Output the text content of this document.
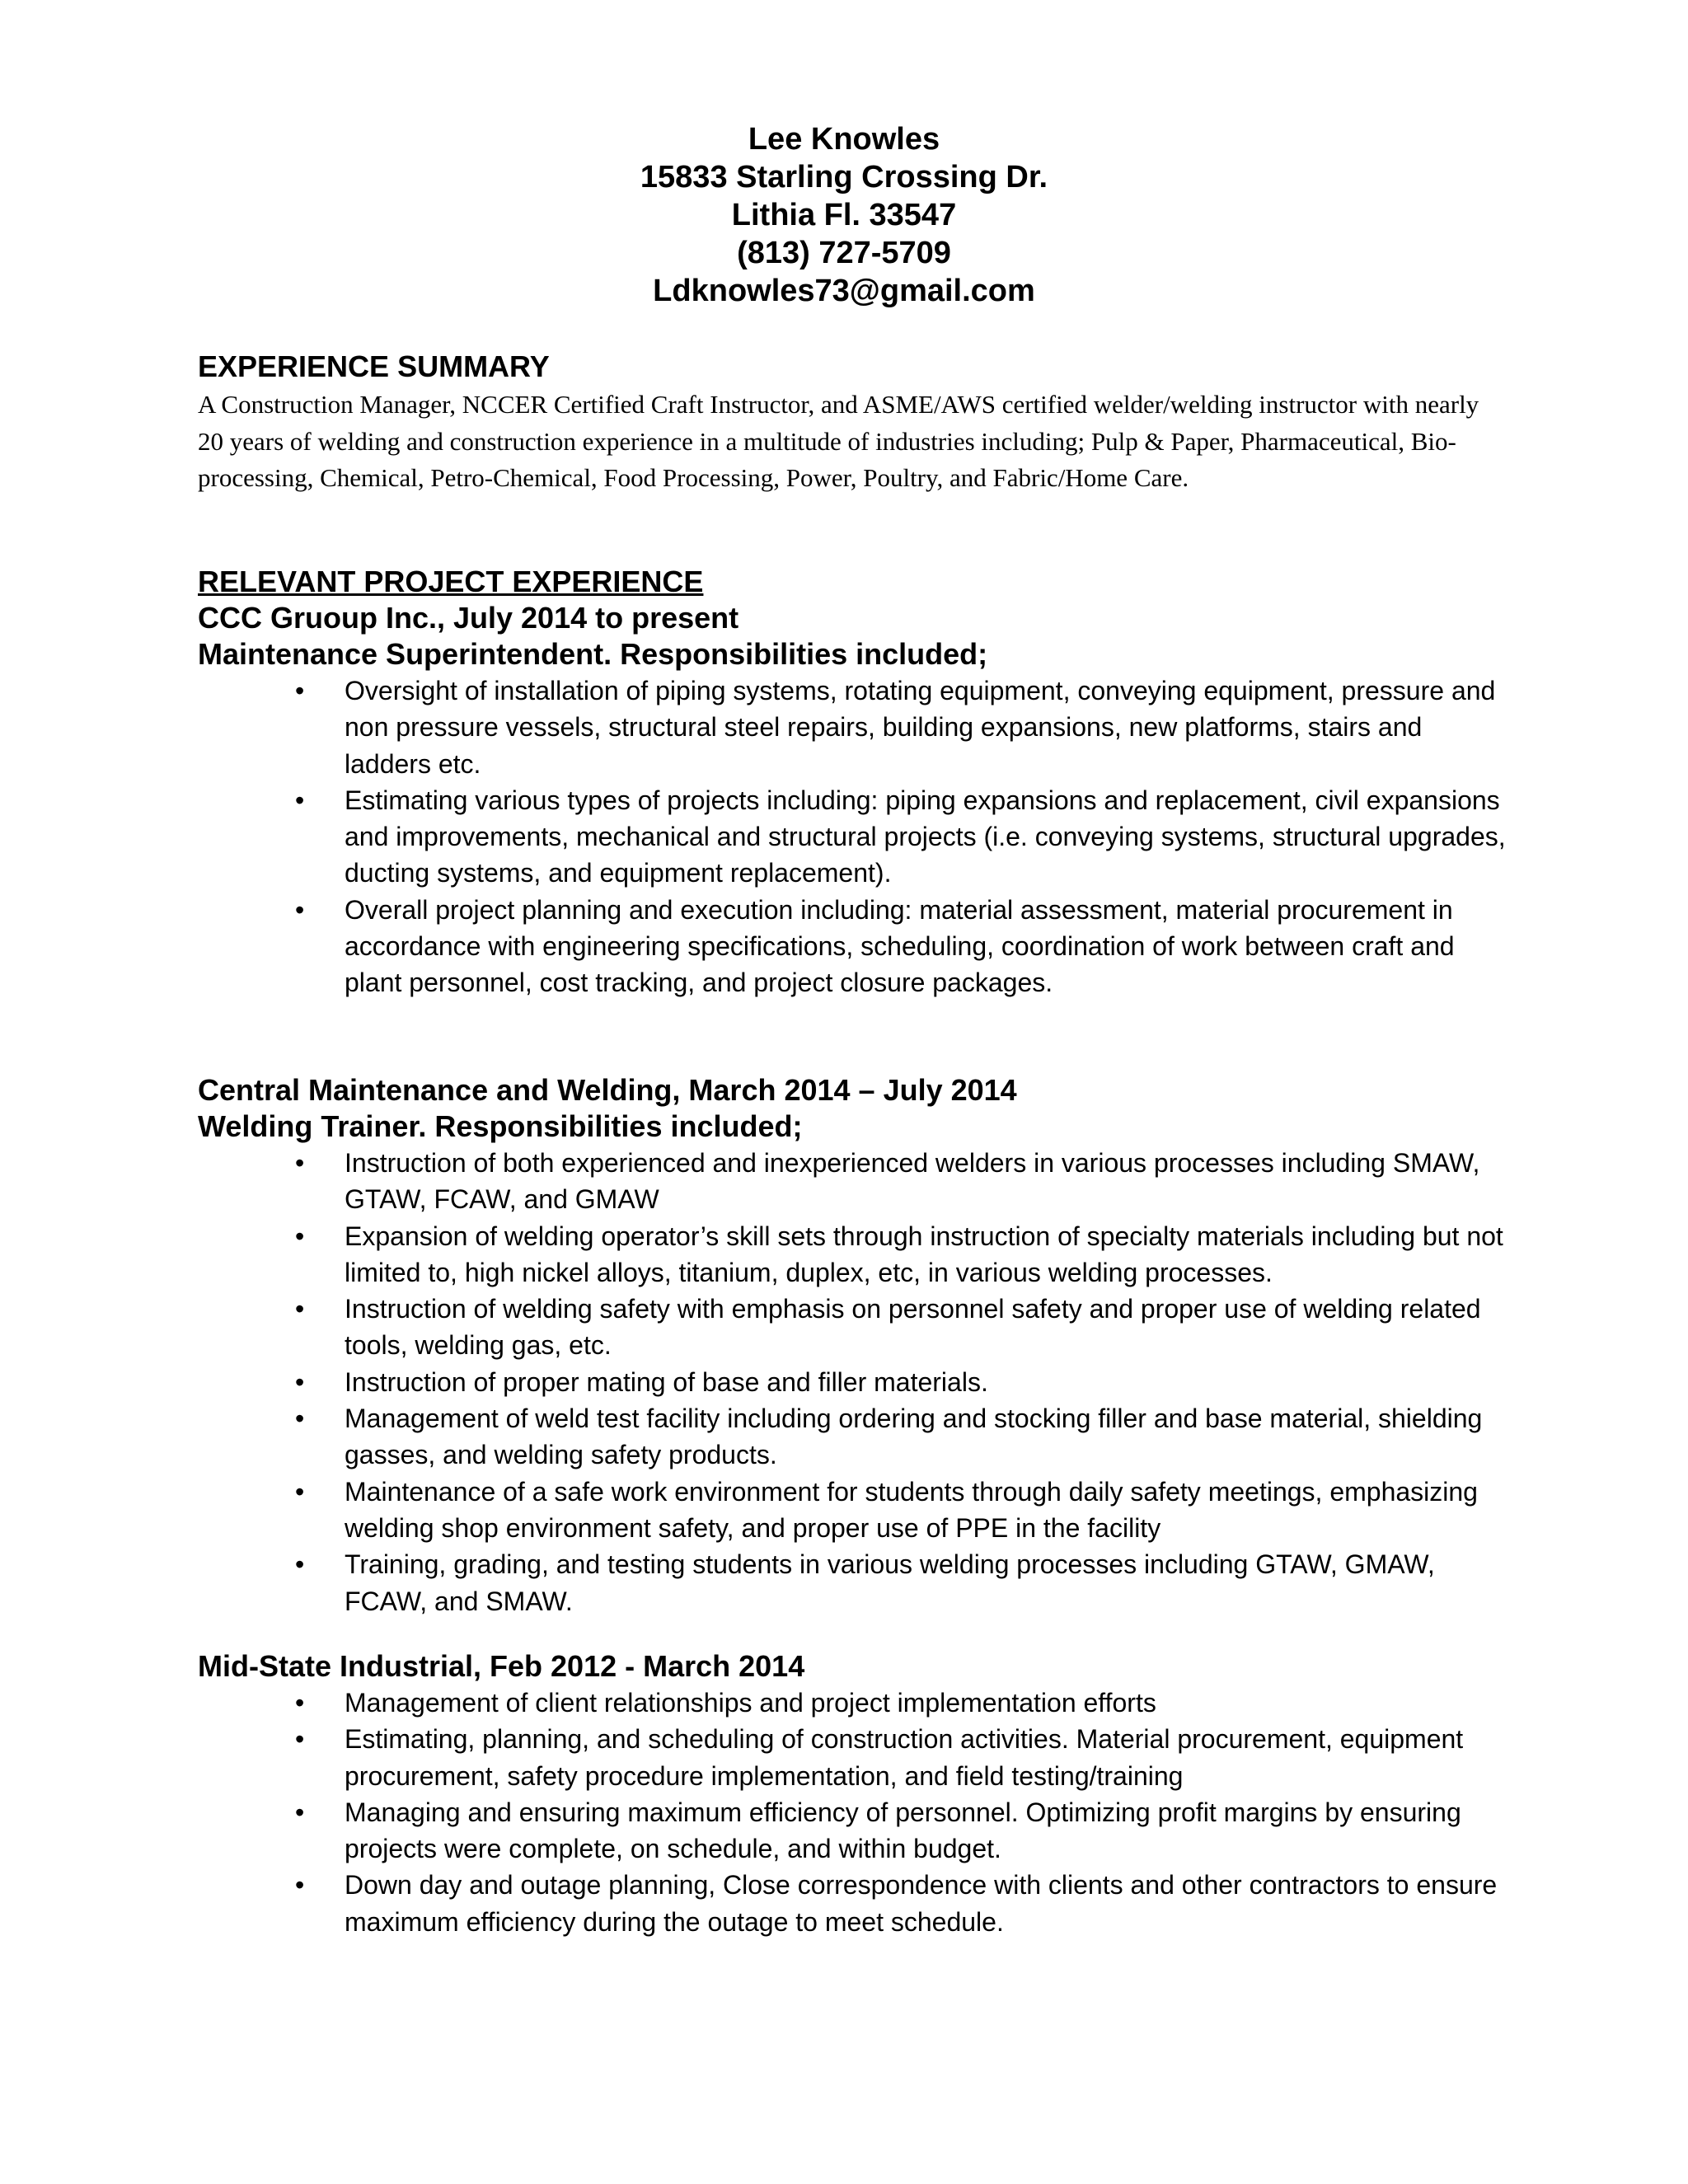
Lee Knowles
15833 Starling Crossing Dr.
Lithia Fl. 33547
(813) 727-5709
Ldknowles73@gmail.com
EXPERIENCE SUMMARY

A Construction Manager, NCCER Certified Craft Instructor, and ASME/AWS certified welder/welding instructor with nearly 20 years of welding and construction experience in a multitude of industries including; Pulp & Paper, Pharmaceutical, Bio-processing, Chemical, Petro-Chemical, Food Processing, Power, Poultry, and Fabric/Home Care.

RELEVANT PROJECT EXPERIENCE
CCC Gruoup Inc., July 2014 to present
Maintenance Superintendent. Responsibilities included;
• Oversight of installation of piping systems, rotating equipment, conveying equipment, pressure and non pressure vessels, structural steel repairs, building expansions, new platforms, stairs and ladders etc.
• Estimating various types of projects including: piping expansions and replacement, civil expansions and improvements, mechanical and structural projects (i.e. conveying systems, structural upgrades, ducting systems, and equipment replacement).
• Overall project planning and execution including: material assessment, material procurement in accordance with engineering specifications, scheduling, coordination of work between craft and plant personnel, cost tracking, and project closure packages.
Central Maintenance and Welding, March 2014 – July 2014
Welding Trainer. Responsibilities included;
• Instruction of both experienced and inexperienced welders in various processes including SMAW, GTAW, FCAW, and GMAW
• Expansion of welding operator’s skill sets through instruction of specialty materials including but not limited to, high nickel alloys, titanium, duplex, etc, in various welding processes.
• Instruction of welding safety with emphasis on personnel safety and proper use of welding related tools, welding gas, etc.
• Instruction of proper mating of base and filler materials.
• Management of weld test facility including ordering and stocking filler and base material, shielding gasses, and welding safety products.
• Maintenance of a safe work environment for students through daily safety meetings, emphasizing welding shop environment safety, and proper use of PPE in the facility
• Training, grading, and testing students in various welding processes including GTAW, GMAW, FCAW, and SMAW.
Mid-State Industrial, Feb 2012 - March 2014
• Management of client relationships and project implementation efforts
• Estimating, planning, and scheduling of construction activities. Material procurement, equipment procurement, safety procedure implementation, and field testing/training
• Managing and ensuring maximum efficiency of personnel. Optimizing profit margins by ensuring projects were complete, on schedule, and within budget.
• Down day and outage planning, Close correspondence with clients and other contractors to ensure maximum efficiency during the outage to meet schedule.
